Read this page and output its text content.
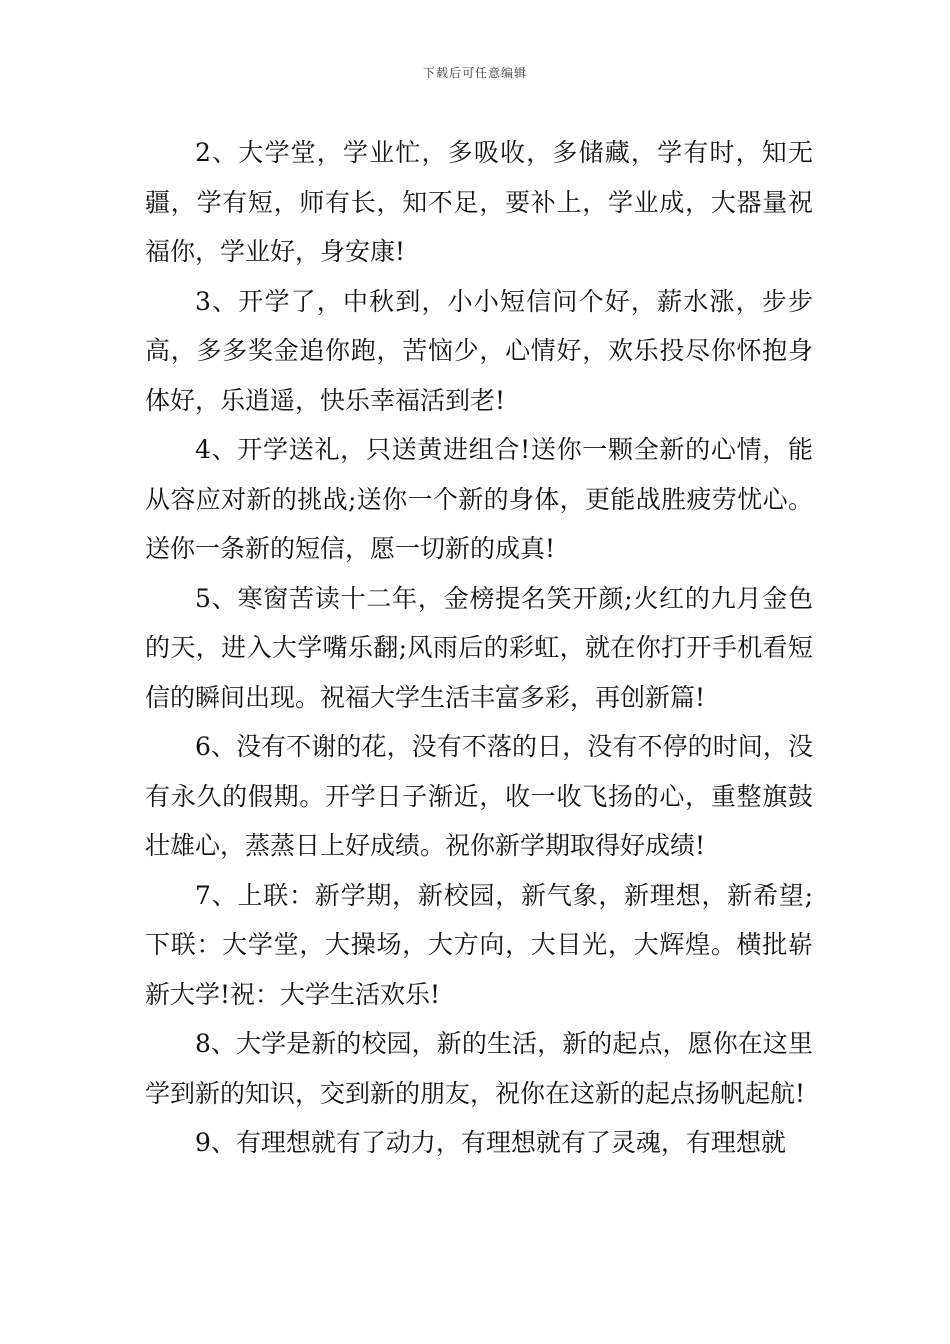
下载后可任意编辑

2、大学堂，学业忙，多吸收，多储藏，学有时，知无疆，学有短，师有长，知不足，要补上，学业成，大器量祝福你，学业好，身安康!

3、开学了，中秋到，小小短信问个好，薪水涨，步步高，多多奖金追你跑，苦恼少，心情好，欢乐投尽你怀抱身体好，乐逍遥，快乐幸福活到老!

4、开学送礼，只送黄进组合!送你一颗全新的心情，能从容应对新的挑战;送你一个新的身体，更能战胜疲劳忧心。送你一条新的短信，愿一切新的成真!

5、寒窗苦读十二年，金榜提名笑开颜;火红的九月金色的天，进入大学嘴乐翻;风雨后的彩虹，就在你打开手机看短信的瞬间出现。祝福大学生活丰富多彩，再创新篇!

6、没有不谢的花，没有不落的日，没有不停的时间，没有永久的假期。开学日子渐近，收一收飞扬的心，重整旗鼓壮雄心，蒸蒸日上好成绩。祝你新学期取得好成绩!

7、上联：新学期，新校园，新气象，新理想，新希望;下联：大学堂，大操场，大方向，大目光，大辉煌。横批崭新大学!祝：大学生活欢乐!

8、大学是新的校园，新的生活，新的起点，愿你在这里学到新的知识，交到新的朋友，祝你在这新的起点扬帆起航!

9、有理想就有了动力，有理想就有了灵魂，有理想就
